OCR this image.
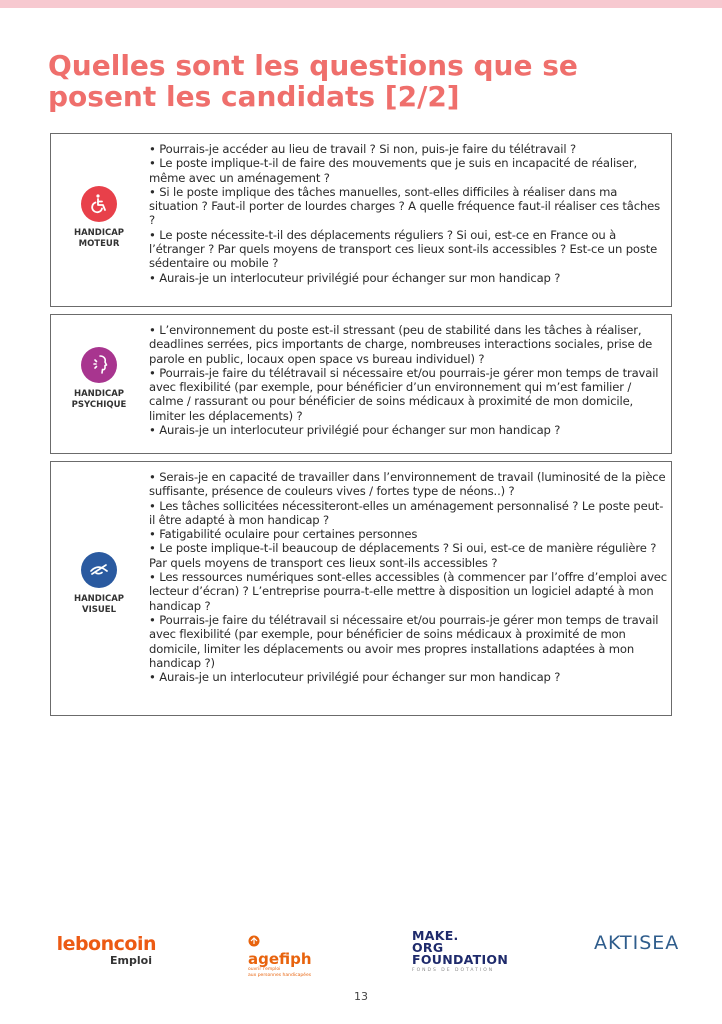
Quelles sont les questions que se posent les candidats [2/2]
HANDICAP
MOTEUR

• Pourrais-je accéder au lieu de travail ? Si non, puis-je faire du télétravail ?

• Le poste implique-t-il de faire des mouvements que je suis en incapacité de réaliser, même avec un aménagement ?

• Si le poste implique des tâches manuelles, sont-elles difficiles à réaliser dans ma situation ? Faut-il porter de lourdes charges ? A quelle fréquence faut-il réaliser ces tâches ?

• Le poste nécessite-t-il des déplacements réguliers ? Si oui, est-ce en France ou à l’étranger ? Par quels moyens de transport ces lieux sont-ils accessibles ? Est-ce un poste sédentaire ou mobile ?

• Aurais-je un interlocuteur privilégié pour échanger sur mon handicap ?

HANDICAP
PSYCHIQUE

• L’environnement du poste est-il stressant (peu de stabilité dans les tâches à réaliser, deadlines serrées, pics importants de charge, nombreuses interactions sociales, prise de parole en public, locaux open space vs bureau individuel) ?

• Pourrais-je faire du télétravail si nécessaire et/ou pourrais-je gérer mon temps de travail avec flexibilité (par exemple, pour bénéficier d’un environnement qui m’est familier / calme / rassurant ou pour bénéficier de soins médicaux à proximité de mon domicile, limiter les déplacements) ?

• Aurais-je un interlocuteur privilégié pour échanger sur mon handicap ?

HANDICAP
VISUEL

• Serais-je en capacité de travailler dans l’environnement de travail (luminosité de la pièce suffisante, présence de couleurs vives / fortes type de néons..) ?

• Les tâches sollicitées nécessiteront-elles un aménagement personnalisé ? Le poste peut-il être adapté à mon handicap ?

• Fatigabilité oculaire pour certaines personnes

• Le poste implique-t-il beaucoup de déplacements ? Si oui, est-ce de manière régulière ? Par quels moyens de transport ces lieux sont-ils accessibles ?

• Les ressources numériques sont-elles accessibles (à commencer par l’offre d’emploi avec lecteur d’écran) ? L’entreprise pourra-t-elle mettre à disposition un logiciel adapté à mon handicap ?

• Pourrais-je faire du télétravail si nécessaire et/ou pourrais-je gérer mon temps de travail avec flexibilité (par exemple, pour bénéficier de soins médicaux à proximité de mon domicile, limiter les déplacements ou avoir mes propres installations adaptées à mon handicap ?)

• Aurais-je un interlocuteur privilégié pour échanger sur mon handicap ?

leboncoin
Emploi	agefiph
ouvrir l'emploi
aux personnes handicapées
MAKE.
ORG
FOUNDATION
FONDS DE DOTATION
AKTISEA
13
